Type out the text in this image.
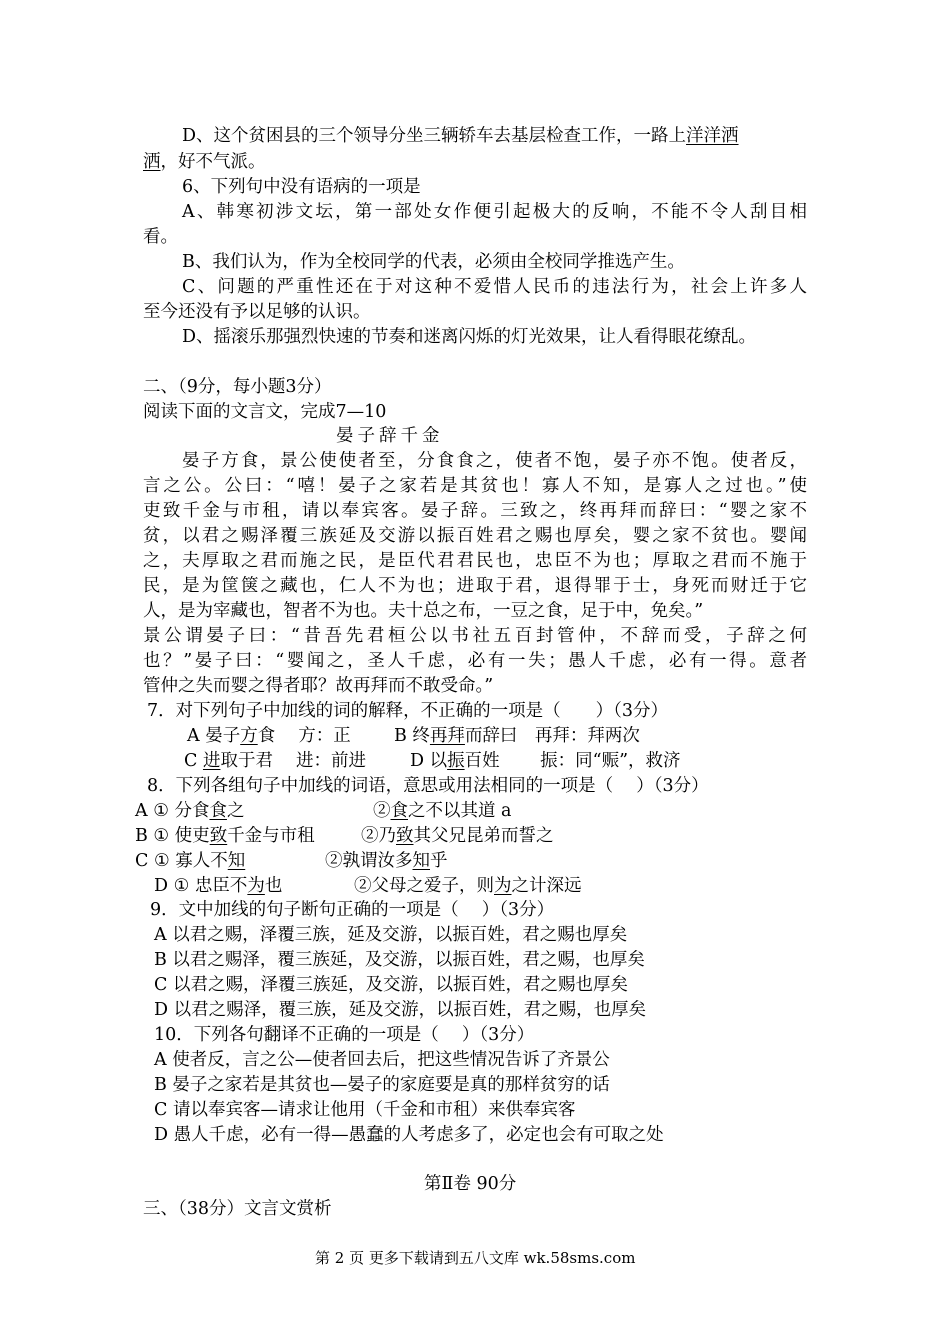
D、这个贫困县的三个领导分坐三辆轿车去基层检查工作，一路上洋洋洒
洒，好不气派。
6、下列句中没有语病的一项是
A、韩寒初涉文坛，第一部处女作便引起极大的反响，不能不令人刮目相
看。
B、我们认为，作为全校同学的代表，必须由全校同学推选产生。
C、问题的严重性还在于对这种不爱惜人民币的违法行为，社会上许多人
至今还没有予以足够的认识。
D、摇滚乐那强烈快速的节奏和迷离闪烁的灯光效果，让人看得眼花缭乱。
二、（9分，每小题3分）
阅读下面的文言文，完成7—10
晏子辞千金
晏子方食，景公使使者至，分食食之，使者不饱，晏子亦不饱。使者反，
言之公。公曰：“嘻！晏子之家若是其贫也！寡人不知，是寡人之过也。”使
吏致千金与市租，请以奉宾客。晏子辞。三致之，终再拜而辞曰：“婴之家不
贫，以君之赐泽覆三族延及交游以振百姓君之赐也厚矣，婴之家不贫也。婴闻
之，夫厚取之君而施之民，是臣代君君民也，忠臣不为也；厚取之君而不施于
民，是为筐箧之藏也，仁人不为也；进取于君，退得罪于士，身死而财迁于它
人，是为宰藏也，智者不为也。夫十总之布，一豆之食，足于中，免矣。”
景公谓晏子曰：“昔吾先君桓公以书社五百封管仲，不辞而受，子辞之何
也？”晏子曰：“婴闻之，圣人千虑，必有一失；愚人千虑，必有一得。意者
管仲之失而婴之得者耶？故再拜而不敢受命。”
7．对下列句子中加线的词的解释，不正确的一项是（　　）（3分）
A 晏子方食　 方：正 B 终再拜而辞曰　再拜：拜两次
C 进取于君　 进：前进	D 以振百姓　　 振：同“赈”，救济
8．下列各组句子中加线的词语，意思或用法相同的一项是（　 ）（3分）
A ① 分食食之	②食之不以其道 a
B ① 使吏致千金与市租	②乃致其父兄昆弟而誓之
C ① 寡人不知	②孰谓汝多知乎
D ① 忠臣不为也	②父母之爱子，则为之计深远
9．文中加线的句子断句正确的一项是（　 ）（3分）
A 以君之赐，泽覆三族，延及交游，以振百姓，君之赐也厚矣
B 以君之赐泽，覆三族延，及交游，以振百姓，君之赐，也厚矣
C 以君之赐，泽覆三族延，及交游，以振百姓，君之赐也厚矣
D 以君之赐泽，覆三族，延及交游，以振百姓，君之赐，也厚矣
10．下列各句翻译不正确的一项是（　 ）（3分）
A 使者反，言之公—使者回去后，把这些情况告诉了齐景公
B 晏子之家若是其贫也—晏子的家庭要是真的那样贫穷的话
C 请以奉宾客—请求让他用（千金和市租）来供奉宾客
D 愚人千虑，必有一得—愚蠢的人考虑多了，必定也会有可取之处
第Ⅱ卷 90分
三、（38分）文言文赏析
第 2 页 更多下载请到五八文库 wk.58sms.com
